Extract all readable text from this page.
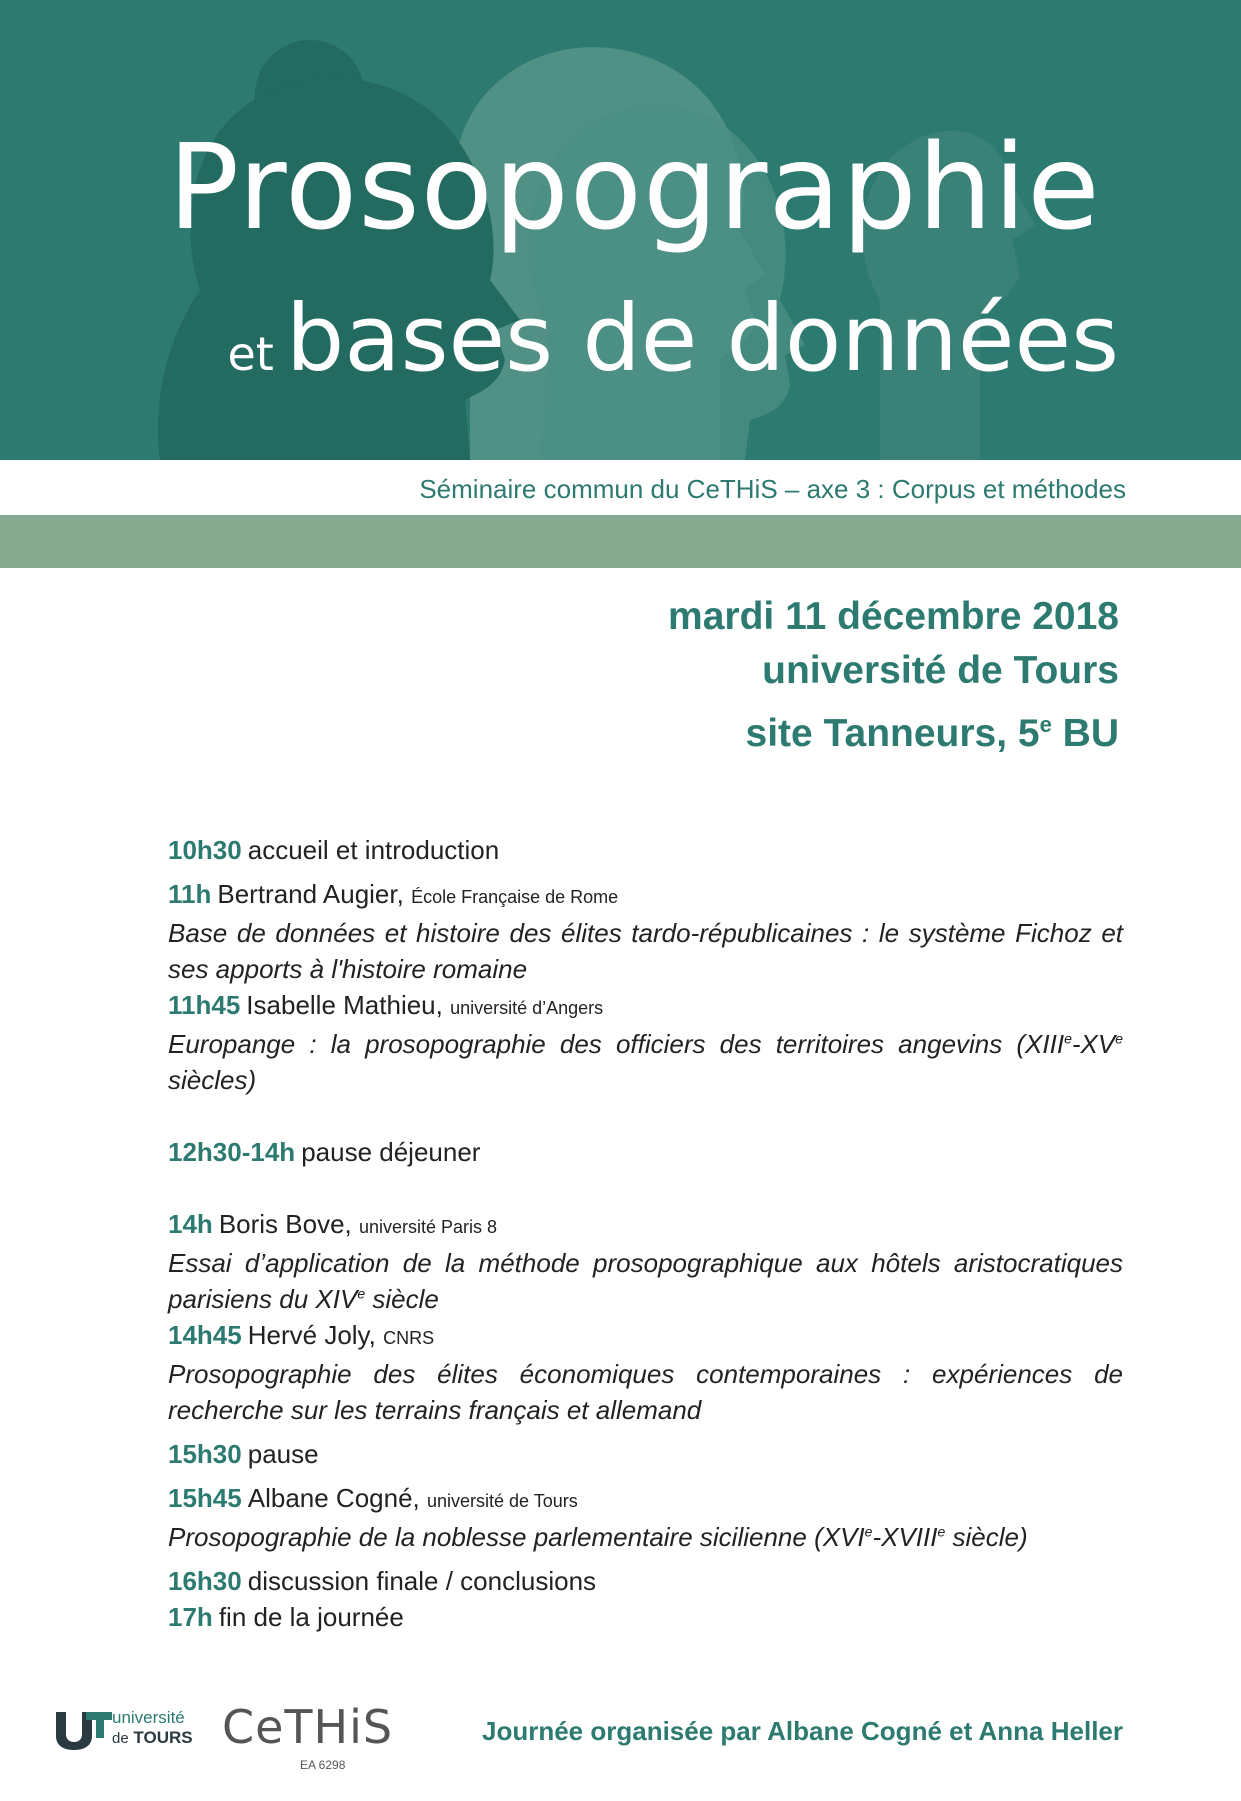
Prosopographie
et bases de données
Séminaire commun du CeTHiS – axe 3 : Corpus et méthodes
mardi 11 décembre 2018
université de Tours
site Tanneurs, 5e BU

10h30 accueil et introduction

11h Bertrand Augier, École Française de Rome

Base de données et histoire des élites tardo-républicaines : le système Fichoz et ses apports à l'histoire romaine

11h45 Isabelle Mathieu, université d’Angers

Europange : la prosopographie des officiers des territoires angevins (XIIIe-XVe siècles)

12h30-14h pause déjeuner

14h Boris Bove, université Paris 8

Essai d’application de la méthode prosopographique aux hôtels aristocratiques parisiens du XIVe siècle

14h45 Hervé Joly, CNRS

Prosopographie des élites économiques contemporaines : expériences de recherche sur les terrains français et allemand

15h30 pause

15h45 Albane Cogné, université de Tours

Prosopographie de la noblesse parlementaire sicilienne (XVIe-XVIIIe siècle)

16h30 discussion finale / conclusions

17h fin de la journée

université
de TOURS CeTHiS
EA 6298
Journée organisée par Albane Cogné et Anna Heller
